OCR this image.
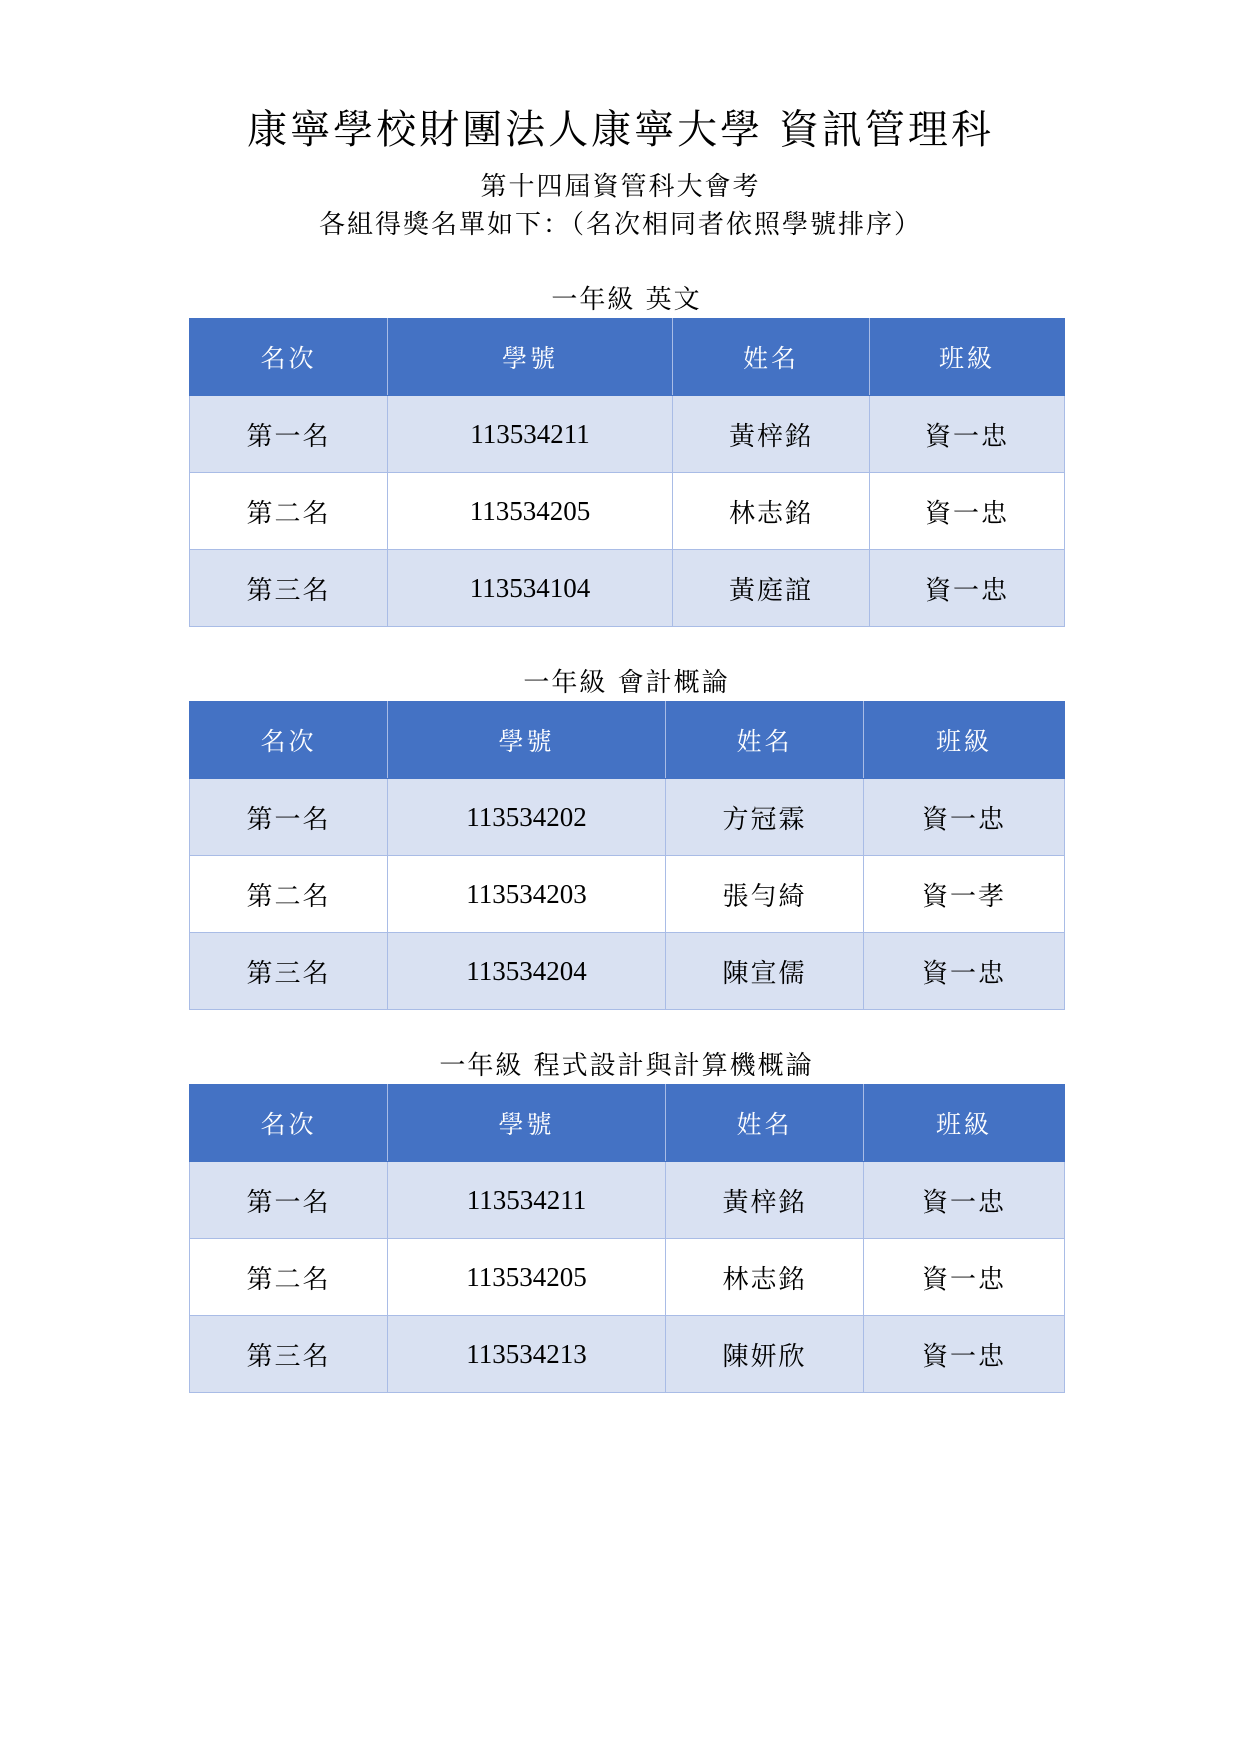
康寧學校財團法人康寧大學 資訊管理科
第十四屆資管科大會考
各組得獎名單如下：（名次相同者依照學號排序）
一年級 英文
名次	學號	姓名	班級
第一名	113534211	黃梓銘	資一忠
第二名	113534205	林志銘	資一忠
第三名	113534104	黃庭誼	資一忠
一年級 會計概論
名次	學號	姓名	班級
第一名	113534202	方冠霖	資一忠
第二名	113534203	張勻綺	資一孝
第三名	113534204	陳宣儒	資一忠
一年級 程式設計與計算機概論
名次	學號	姓名	班級
第一名	113534211	黃梓銘	資一忠
第二名	113534205	林志銘	資一忠
第三名	113534213	陳妍欣	資一忠
